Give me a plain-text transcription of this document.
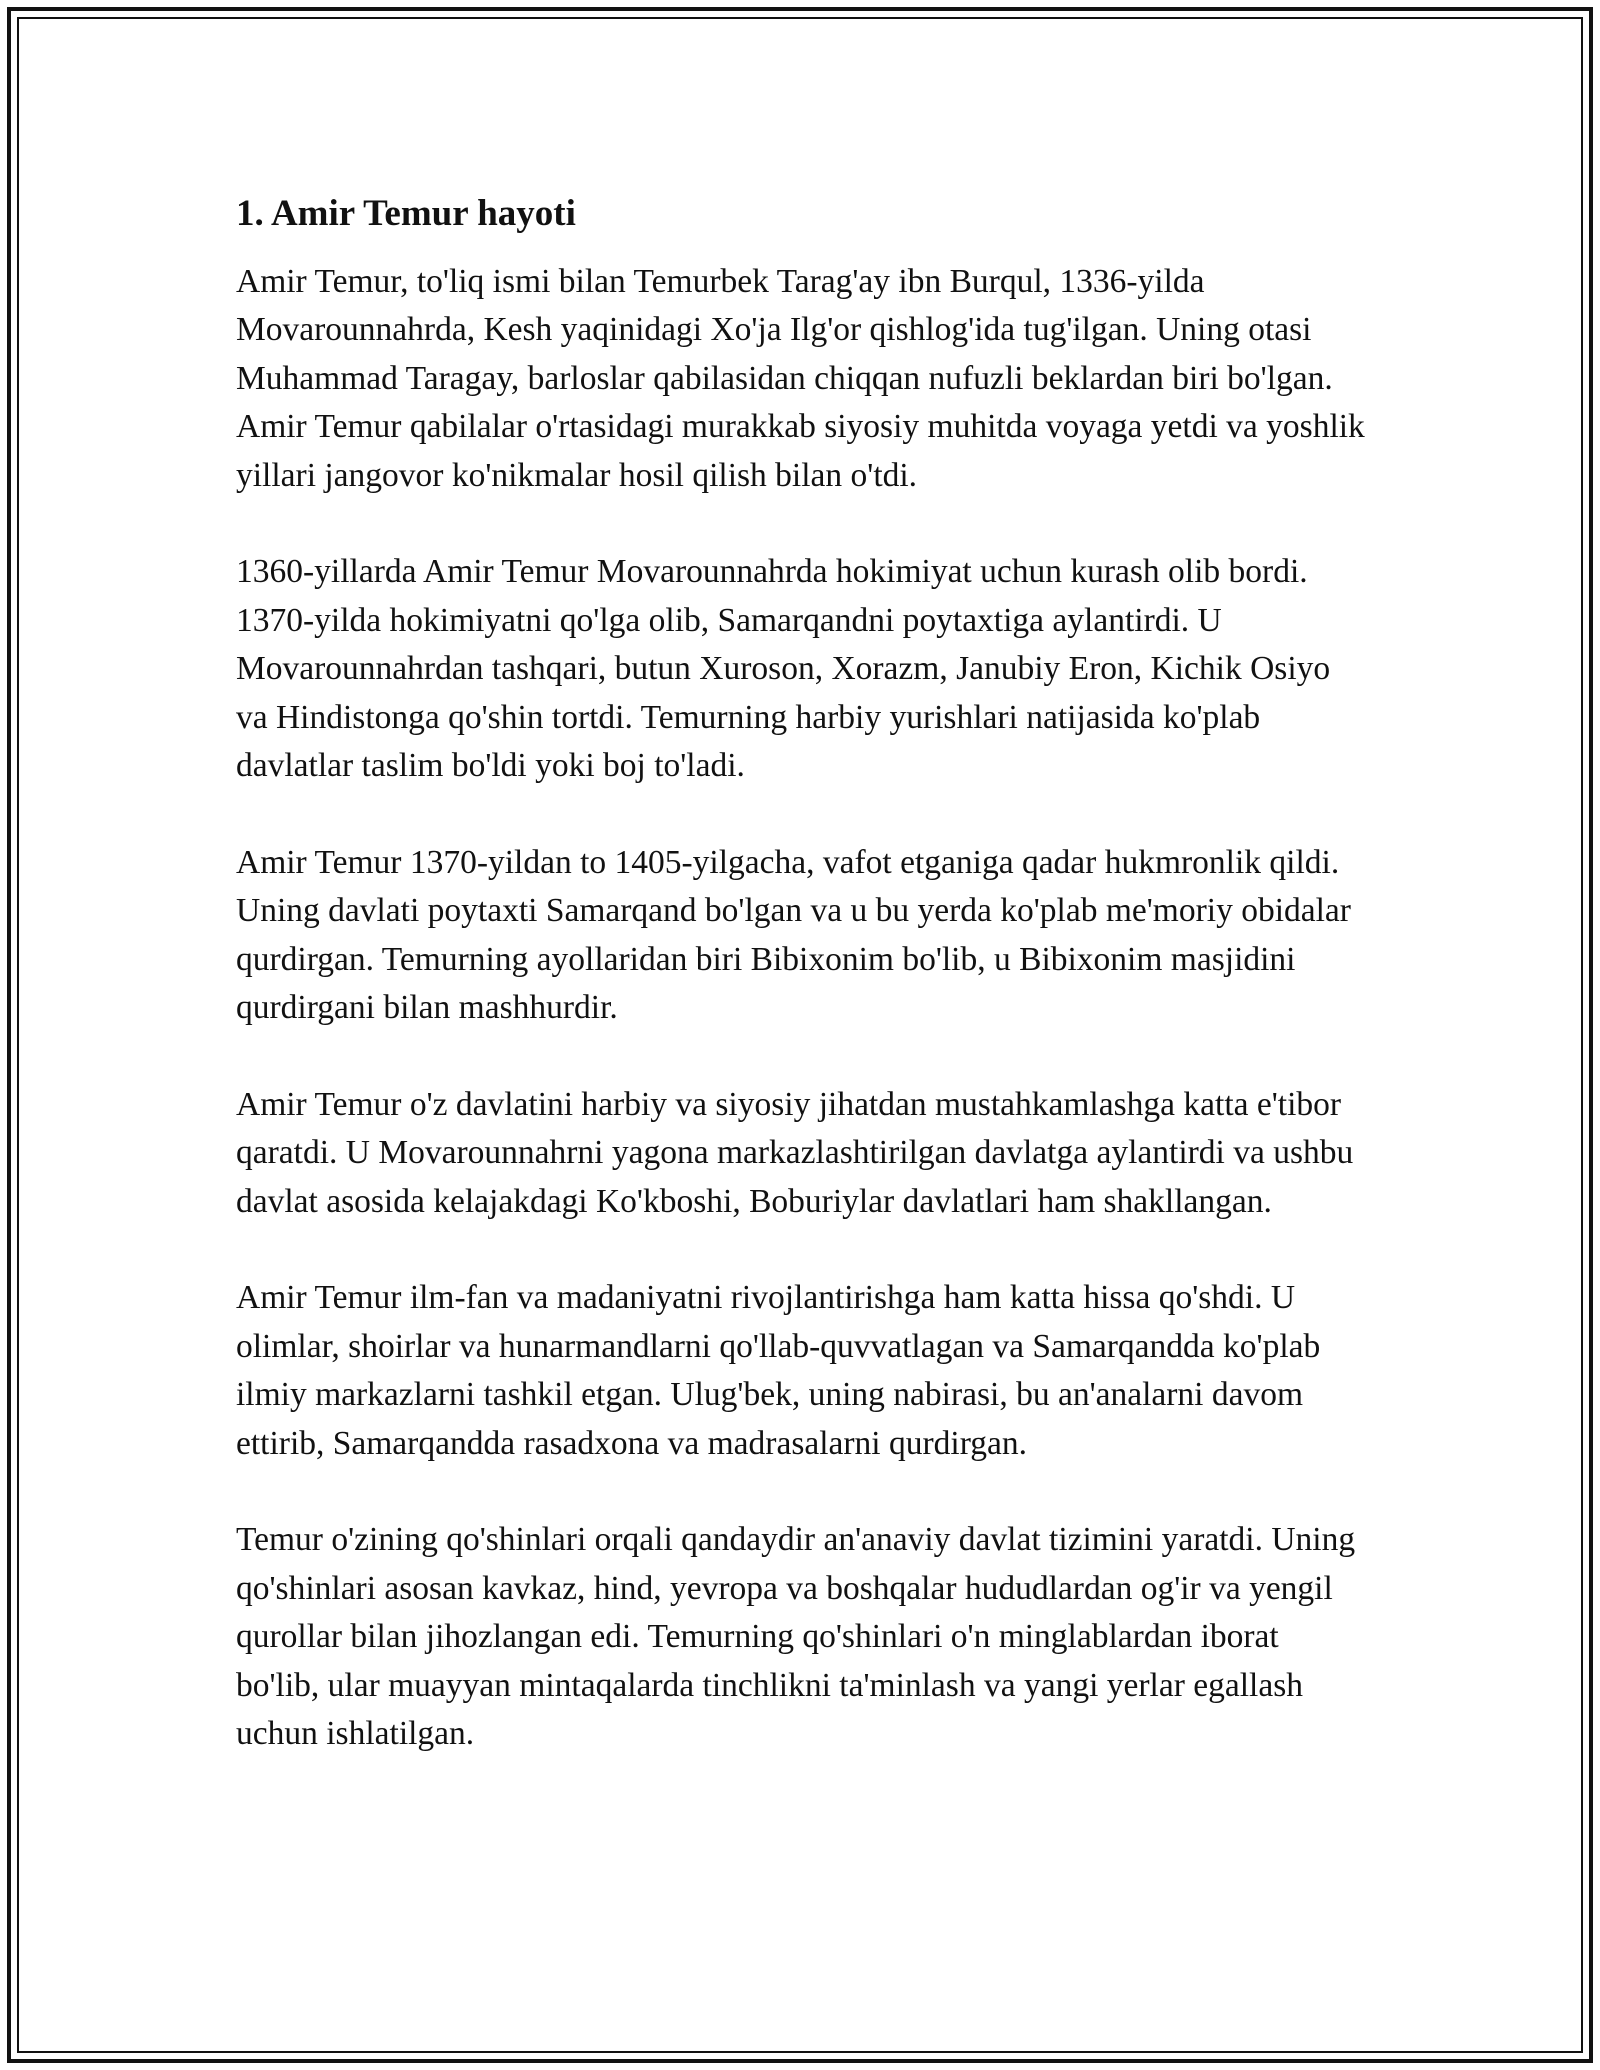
1. Amir Temur hayoti

Amir Temur, to'liq ismi bilan Temurbek Tarag'ay ibn Burqul, 1336-yilda Movarounnahrda, Kesh yaqinidagi Xo'ja Ilg'or qishlog'ida tug'ilgan. Uning otasi Muhammad Taragay, barloslar qabilasidan chiqqan nufuzli beklardan biri bo'lgan. Amir Temur qabilalar o'rtasidagi murakkab siyosiy muhitda voyaga yetdi va yoshlik yillari jangovor ko'nikmalar hosil qilish bilan o'tdi.

1360-yillarda Amir Temur Movarounnahrda hokimiyat uchun kurash olib bordi. 1370-yilda hokimiyatni qo'lga olib, Samarqandni poytaxtiga aylantirdi. U Movarounnahrdan tashqari, butun Xuroson, Xorazm, Janubiy Eron, Kichik Osiyo va Hindistonga qo'shin tortdi. Temurning harbiy yurishlari natijasida ko'plab davlatlar taslim bo'ldi yoki boj to'ladi.

Amir Temur 1370-yildan to 1405-yilgacha, vafot etganiga qadar hukmronlik qildi. Uning davlati poytaxti Samarqand bo'lgan va u bu yerda ko'plab me'moriy obidalar qurdirgan. Temurning ayollaridan biri Bibixonim bo'lib, u Bibixonim masjidini qurdirgani bilan mashhurdir.

Amir Temur o'z davlatini harbiy va siyosiy jihatdan mustahkamlashga katta e'tibor qaratdi. U Movarounnahrni yagona markazlashtirilgan davlatga aylantirdi va ushbu davlat asosida kelajakdagi Ko'kboshi, Boburiylar davlatlari ham shakllangan.

Amir Temur ilm-fan va madaniyatni rivojlantirishga ham katta hissa qo'shdi. U olimlar, shoirlar va hunarmandlarni qo'llab-quvvatlagan va Samarqandda ko'plab ilmiy markazlarni tashkil etgan. Ulug'bek, uning nabirasi, bu an'analarni davom ettirib, Samarqandda rasadxona va madrasalarni qurdirgan.

Temur o'zining qo'shinlari orqali qandaydir an'anaviy davlat tizimini yaratdi. Uning qo'shinlari asosan kavkaz, hind, yevropa va boshqalar hududlardan og'ir va yengil qurollar bilan jihozlangan edi. Temurning qo'shinlari o'n minglablardan iborat bo'lib, ular muayyan mintaqalarda tinchlikni ta'minlash va yangi yerlar egallash uchun ishlatilgan.
